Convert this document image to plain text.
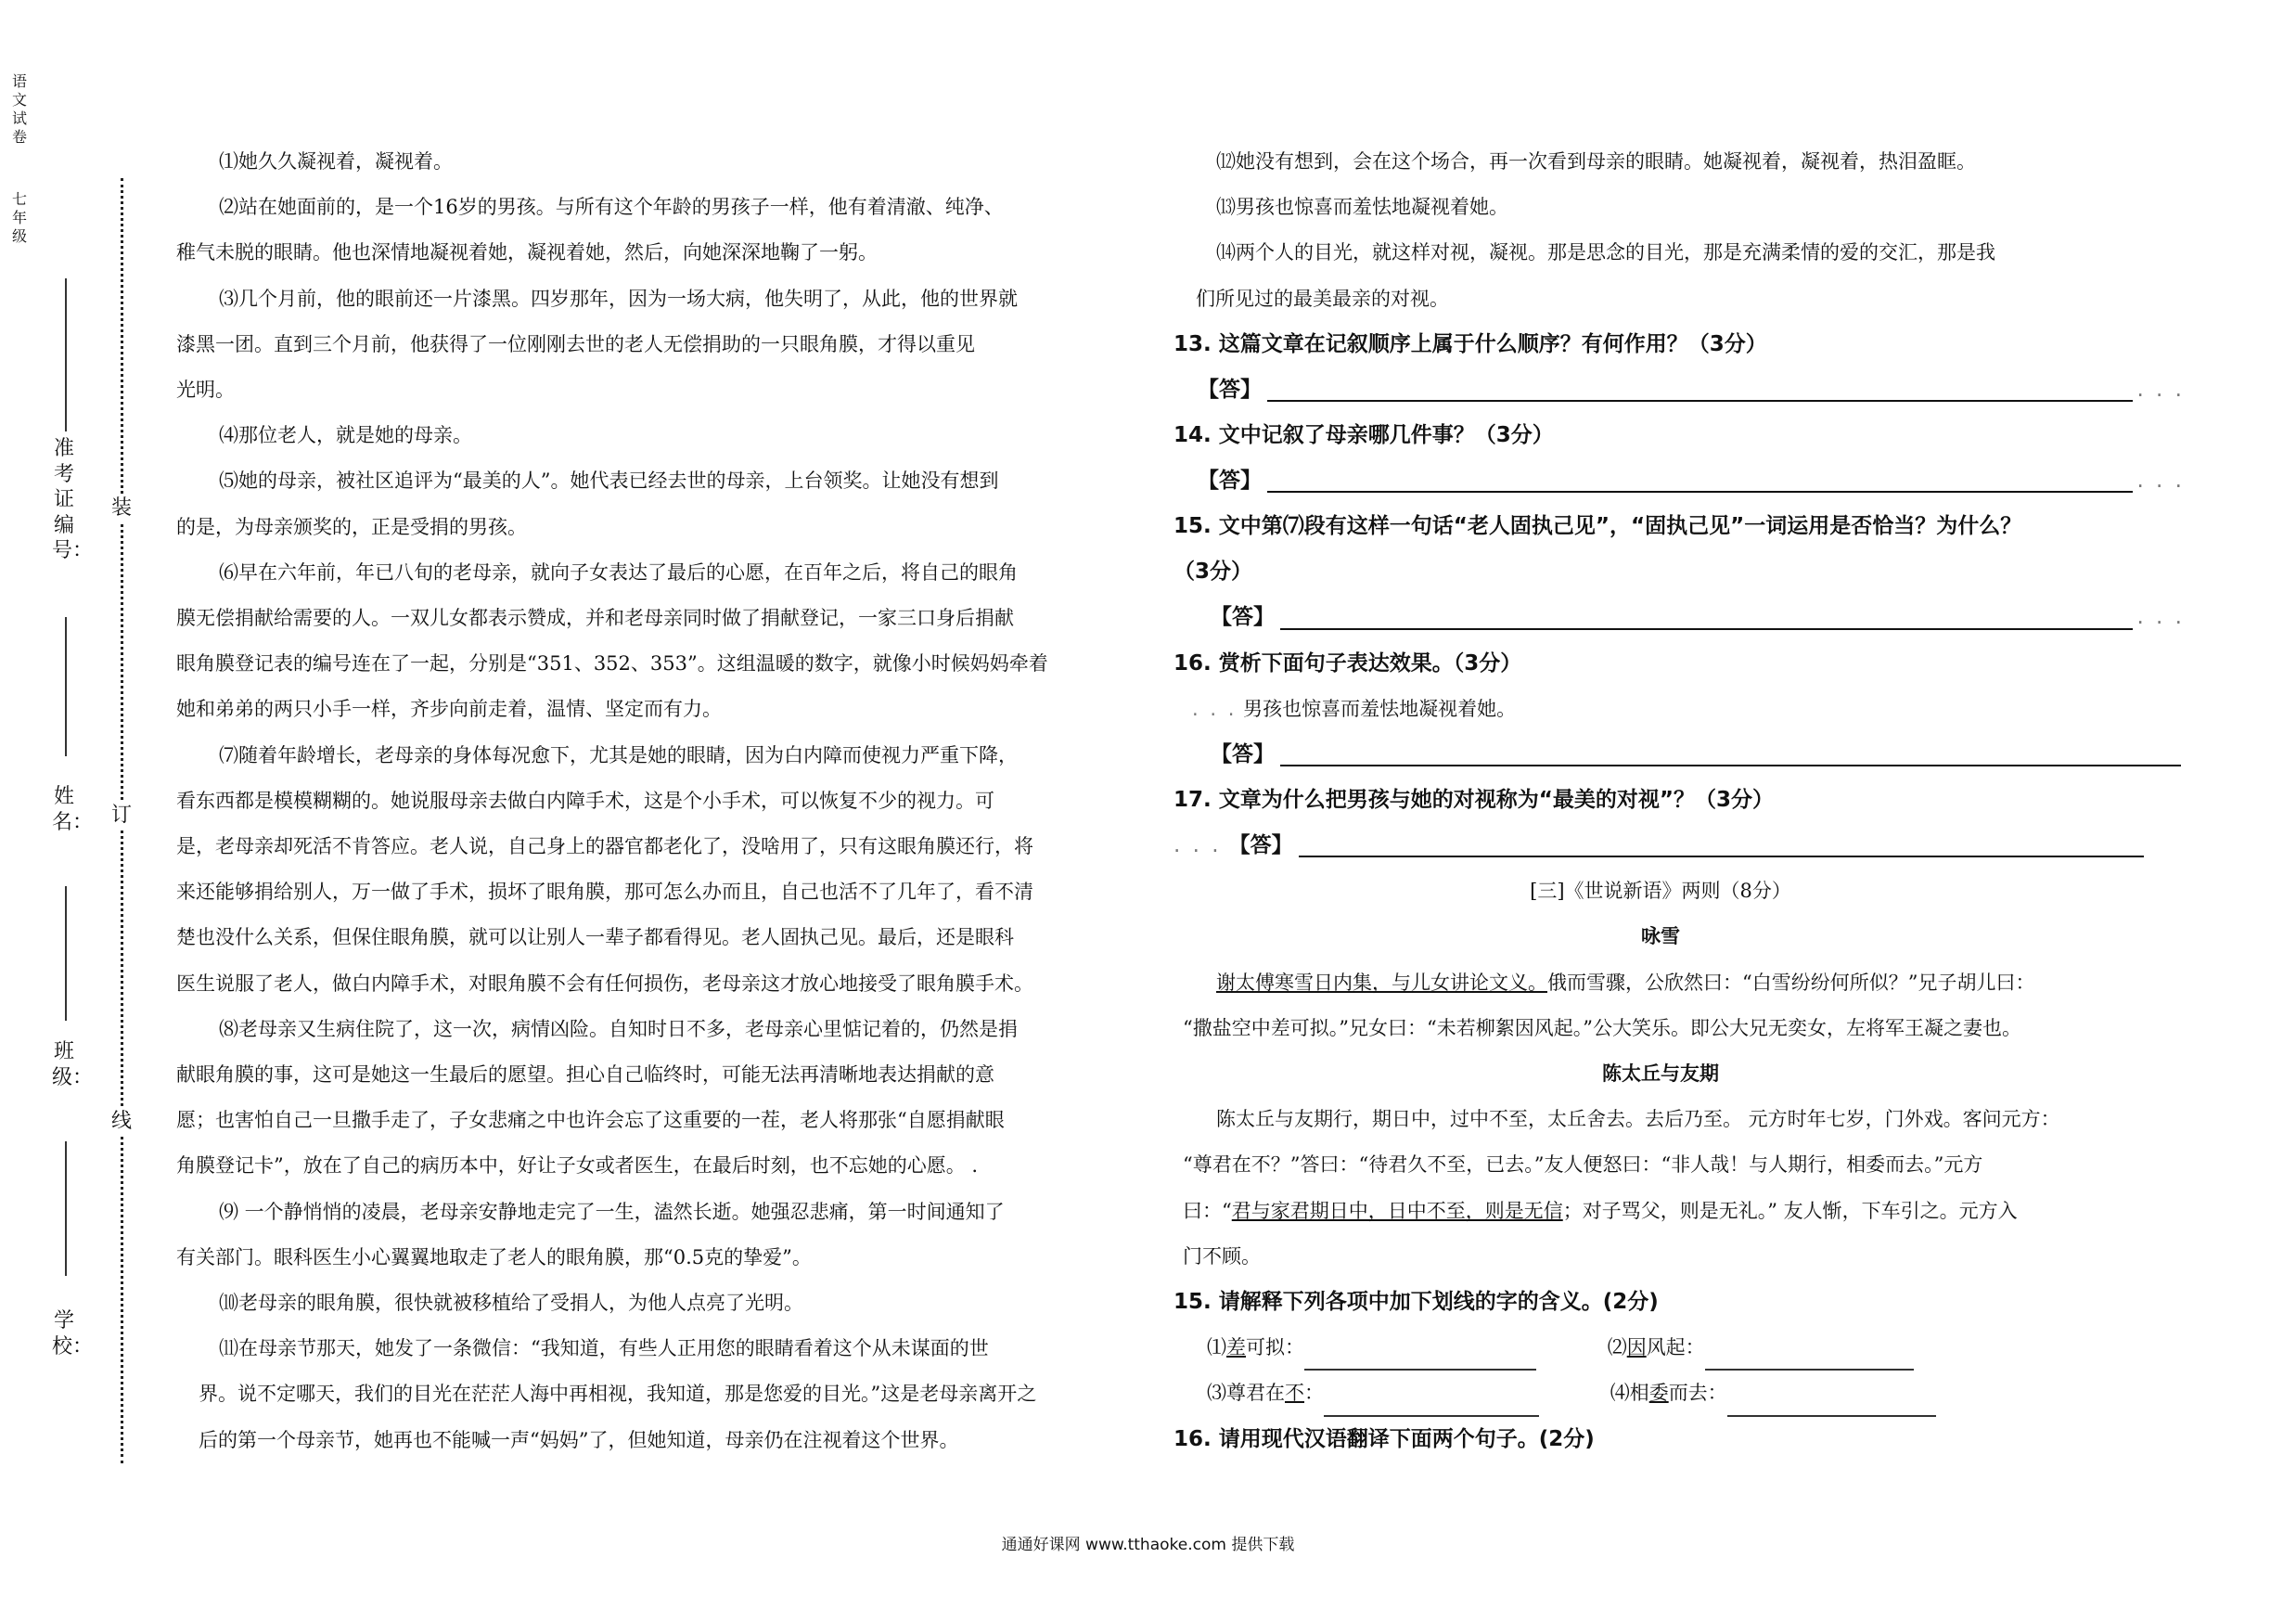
语文试卷
七年级
准考证编号：
姓名：
班级：
学校：
装
订
线

⑴她久久凝视着，凝视着。

⑵站在她面前的，是一个16岁的男孩。与所有这个年龄的男孩子一样，他有着清澈、纯净、

稚气未脱的眼睛。他也深情地凝视着她，凝视着她，然后，向她深深地鞠了一躬。

⑶几个月前，他的眼前还一片漆黑。四岁那年，因为一场大病，他失明了，从此，他的世界就

漆黑一团。直到三个月前，他获得了一位刚刚去世的老人无偿捐助的一只眼角膜，才得以重见

光明。

⑷那位老人，就是她的母亲。

⑸她的母亲，被社区追评为“最美的人”。她代表已经去世的母亲，上台领奖。让她没有想到

的是，为母亲颁奖的，正是受捐的男孩。

⑹早在六年前，年已八旬的老母亲，就向子女表达了最后的心愿，在百年之后，将自己的眼角

膜无偿捐献给需要的人。一双儿女都表示赞成，并和老母亲同时做了捐献登记，一家三口身后捐献

眼角膜登记表的编号连在了一起，分别是“351、352、353”。这组温暖的数字，就像小时候妈妈牵着

她和弟弟的两只小手一样，齐步向前走着，温情、坚定而有力。

⑺随着年龄增长，老母亲的身体每况愈下，尤其是她的眼睛，因为白内障而使视力严重下降，

看东西都是模模糊糊的。她说服母亲去做白内障手术，这是个小手术，可以恢复不少的视力。可

是，老母亲却死活不肯答应。老人说，自己身上的器官都老化了，没啥用了，只有这眼角膜还行，将

来还能够捐给别人，万一做了手术，损坏了眼角膜，那可怎么办而且，自己也活不了几年了，看不清

楚也没什么关系，但保住眼角膜，就可以让别人一辈子都看得见。老人固执己见。最后，还是眼科

医生说服了老人，做白内障手术，对眼角膜不会有任何损伤，老母亲这才放心地接受了眼角膜手术。

⑻老母亲又生病住院了，这一次，病情凶险。自知时日不多，老母亲心里惦记着的，仍然是捐

献眼角膜的事，这可是她这一生最后的愿望。担心自己临终时，可能无法再清晰地表达捐献的意

愿；也害怕自己一旦撒手走了，子女悲痛之中也许会忘了这重要的一茬，老人将那张“自愿捐献眼

角膜登记卡”，放在了自己的病历本中，好让子女或者医生，在最后时刻，也不忘她的心愿。 .

⑼ 一个静悄悄的凌晨，老母亲安静地走完了一生，溘然长逝。她强忍悲痛，第一时间通知了

有关部门。眼科医生小心翼翼地取走了老人的眼角膜，那“0.5克的挚爱”。

⑽老母亲的眼角膜，很快就被移植给了受捐人，为他人点亮了光明。

⑾在母亲节那天，她发了一条微信：“我知道，有些人正用您的眼睛看着这个从未谋面的世

界。说不定哪天，我们的目光在茫茫人海中再相视，我知道，那是您爱的目光。”这是老母亲离开之

后的第一个母亲节，她再也不能喊一声“妈妈”了，但她知道，母亲仍在注视着这个世界。

⑿她没有想到，会在这个场合，再一次看到母亲的眼睛。她凝视着，凝视着，热泪盈眶。

⒀男孩也惊喜而羞怯地凝视着她。

⒁两个人的目光，就这样对视，凝视。那是思念的目光，那是充满柔情的爱的交汇，那是我

们所见过的最美最亲的对视。

13. 这篇文章在记叙顺序上属于什么顺序？有何作用？（3分）

【答】	. . .

14. 文中记叙了母亲哪几件事？（3分）

【答】	. . .

15. 文中第⑺段有这样一句话“老人固执己见”，“固执己见”一词运用是否恰当？为什么？

（3分）

【答】	. . .

16. 赏析下面句子表达效果。（3分）

. . . 男孩也惊喜而羞怯地凝视着她。

【答】

17. 文章为什么把男孩与她的对视称为“最美的对视”？（3分）

. . . 【答】

[三]《世说新语》两则（8分）

咏雪

谢太傅寒雪日内集，与儿女讲论文义。俄而雪骤，公欣然曰：“白雪纷纷何所似？”兄子胡儿曰：

“撒盐空中差可拟。”兄女曰：“未若柳絮因风起。”公大笑乐。即公大兄无奕女，左将军王凝之妻也。

陈太丘与友期

陈太丘与友期行，期日中，过中不至，太丘舍去。去后乃至。 元方时年七岁，门外戏。客问元方：

“尊君在不？”答曰：“待君久不至，已去。”友人便怒曰：“非人哉！与人期行，相委而去。”元方

曰：“君与家君期日中，日中不至，则是无信；对子骂父，则是无礼。” 友人惭，下车引之。元方入

门不顾。

15. 请解释下列各项中加下划线的字的含义。(2分)

⑴差可拟：	⑵因风起：

⑶尊君在不：	⑷相委而去：

16. 请用现代汉语翻译下面两个句子。(2分)

通通好课网 www.tthaoke.com 提供下载
